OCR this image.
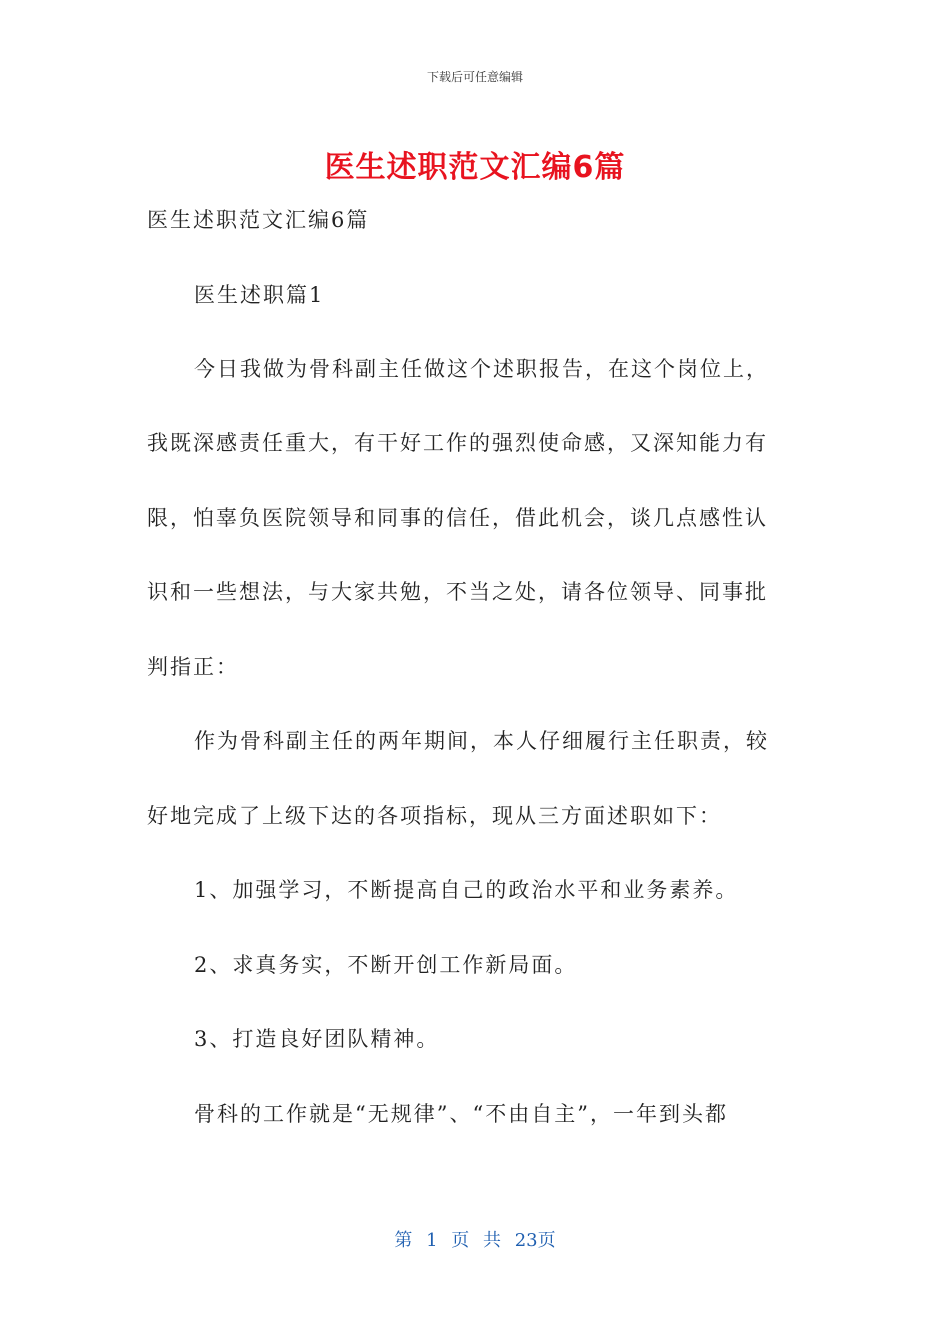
下载后可任意编辑
医生述职范文汇编6篇
医生述职范文汇编6篇
医生述职篇1
今日我做为骨科副主任做这个述职报告，在这个岗位上，
我既深感责任重大，有干好工作的强烈使命感，又深知能力有
限，怕辜负医院领导和同事的信任，借此机会，谈几点感性认
识和一些想法，与大家共勉，不当之处，请各位领导、同事批
判指正：
作为骨科副主任的两年期间，本人仔细履行主任职责，较
好地完成了上级下达的各项指标，现从三方面述职如下：
1、加强学习，不断提高自己的政治水平和业务素养。
2、求真务实，不断开创工作新局面。
3、打造良好团队精神。
骨科的工作就是“无规律”、“不由自主”，一年到头都
第 1 页 共 23页
